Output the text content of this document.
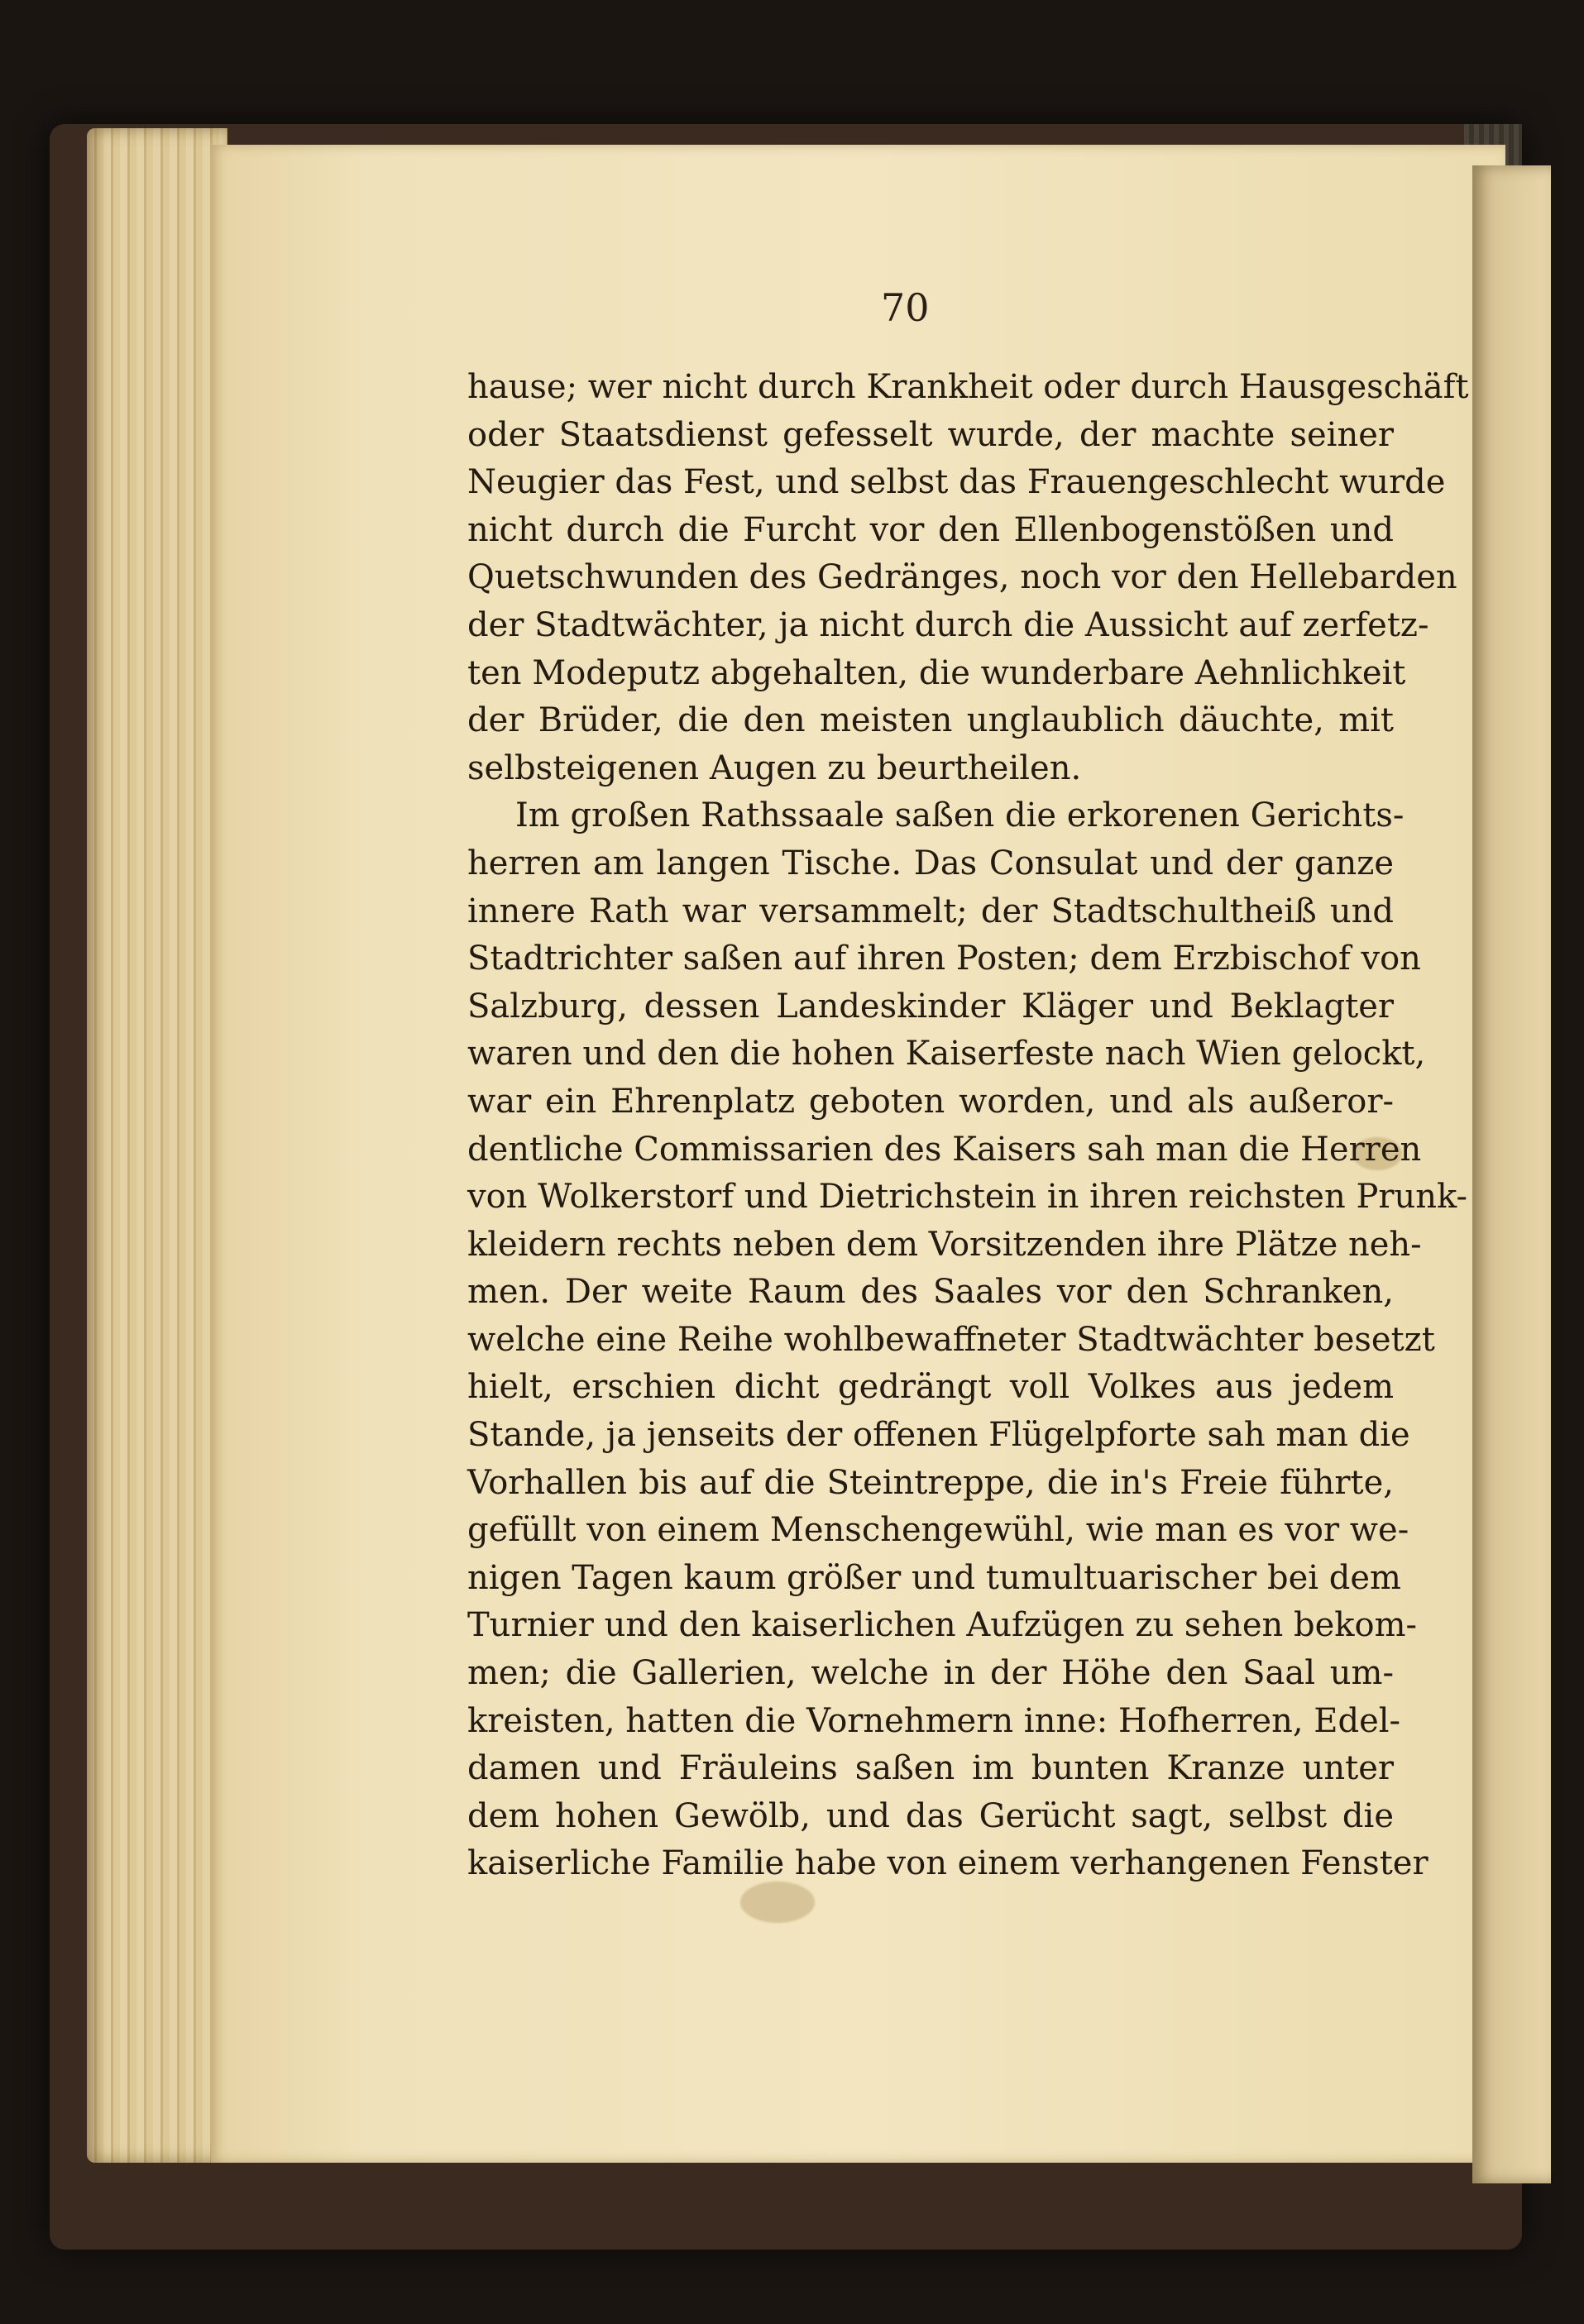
70
hause; wer nicht durch Krankheit oder durch Hausgeschäft
oder Staatsdienst gefesselt wurde, der machte seiner
Neugier das Fest, und selbst das Frauengeschlecht wurde
nicht durch die Furcht vor den Ellenbogenstößen und
Quetschwunden des Gedränges, noch vor den Hellebarden
der Stadtwächter, ja nicht durch die Aussicht auf zerfetz-
ten Modeputz abgehalten, die wunderbare Aehnlichkeit
der Brüder, die den meisten unglaublich däuchte, mit
selbsteigenen Augen zu beurtheilen.
Im großen Rathssaale saßen die erkorenen Gerichts-
herren am langen Tische. Das Consulat und der ganze
innere Rath war versammelt; der Stadtschultheiß und
Stadtrichter saßen auf ihren Posten; dem Erzbischof von
Salzburg, dessen Landeskinder Kläger und Beklagter
waren und den die hohen Kaiserfeste nach Wien gelockt,
war ein Ehrenplatz geboten worden, und als außeror-
dentliche Commissarien des Kaisers sah man die Herren
von Wolkerstorf und Dietrichstein in ihren reichsten Prunk-
kleidern rechts neben dem Vorsitzenden ihre Plätze neh-
men. Der weite Raum des Saales vor den Schranken,
welche eine Reihe wohlbewaffneter Stadtwächter besetzt
hielt, erschien dicht gedrängt voll Volkes aus jedem
Stande, ja jenseits der offenen Flügelpforte sah man die
Vorhallen bis auf die Steintreppe, die in's Freie führte,
gefüllt von einem Menschengewühl, wie man es vor we-
nigen Tagen kaum größer und tumultuarischer bei dem
Turnier und den kaiserlichen Aufzügen zu sehen bekom-
men; die Gallerien, welche in der Höhe den Saal um-
kreisten, hatten die Vornehmern inne: Hofherren, Edel-
damen und Fräuleins saßen im bunten Kranze unter
dem hohen Gewölb, und das Gerücht sagt, selbst die
kaiserliche Familie habe von einem verhangenen Fenster
